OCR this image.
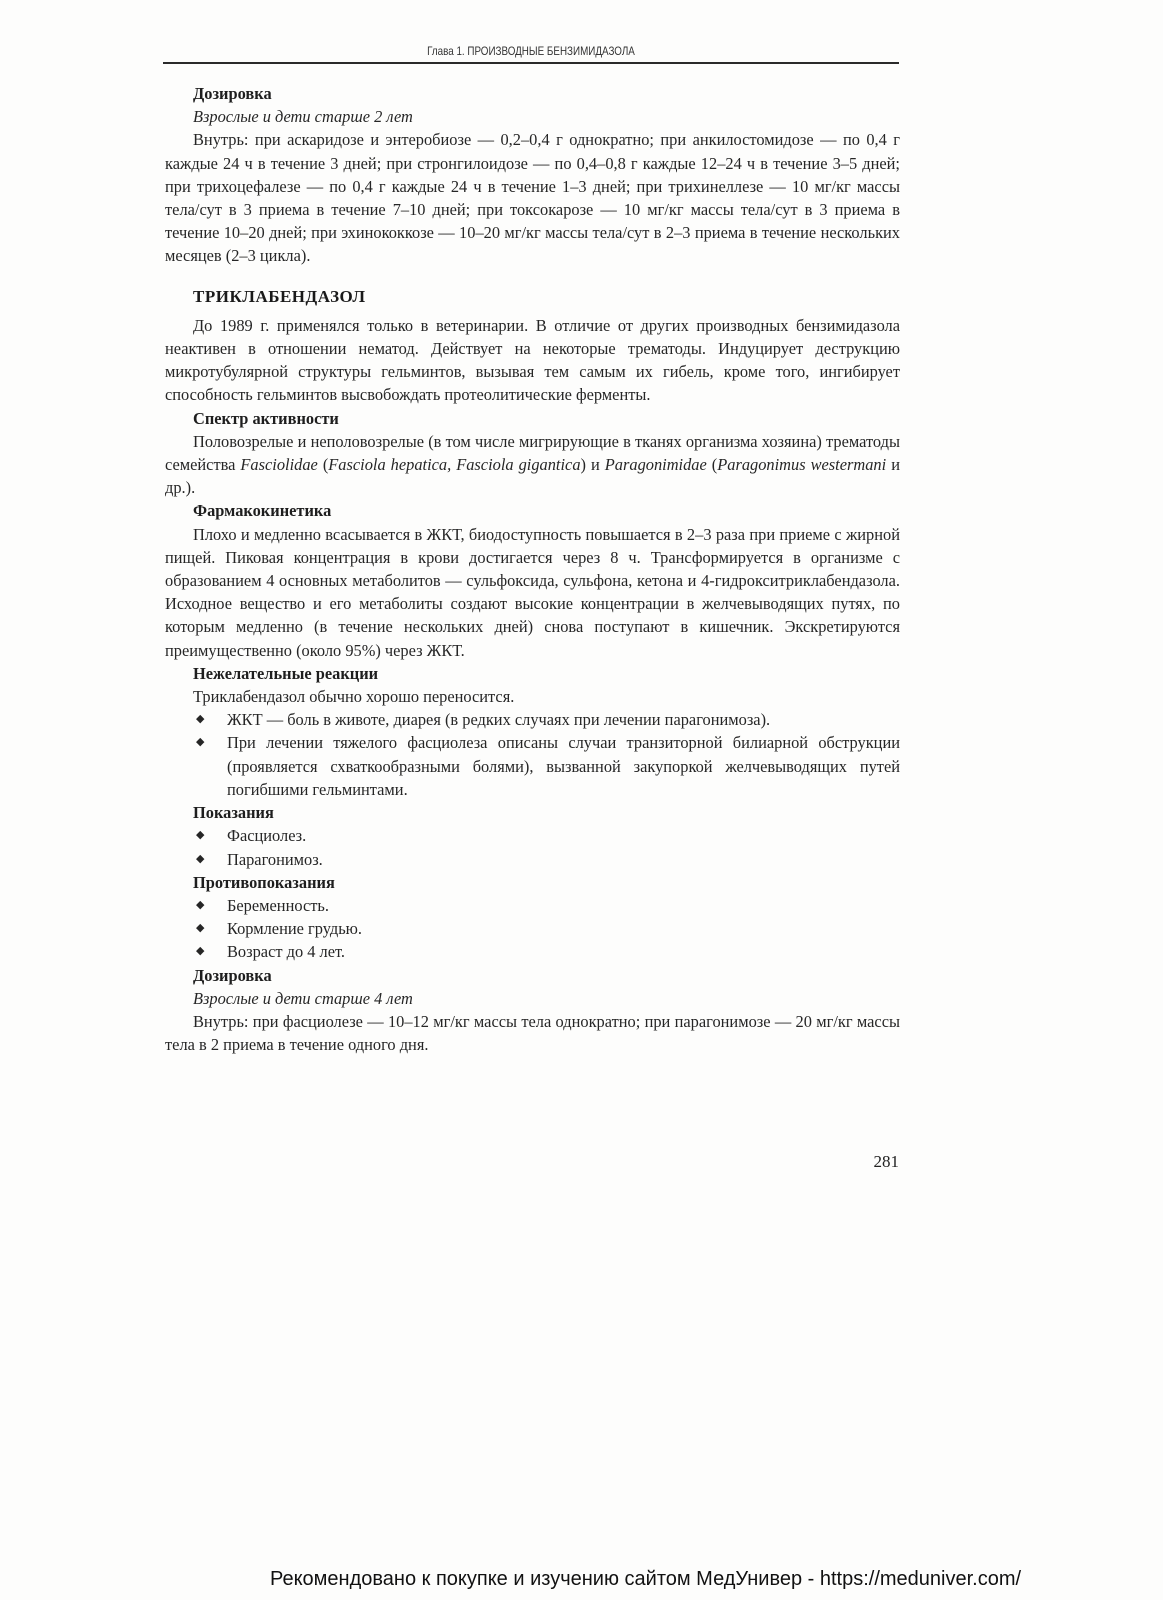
Глава 1. ПРОИЗВОДНЫЕ БЕНЗИМИДАЗОЛА
Дозировка
Взрослые и дети старше 2 лет

Внутрь: при аскаридозе и энтеробиозе — 0,2–0,4 г однократно; при анкилостомидозе — по 0,4 г каждые 24 ч в течение 3 дней; при стронгилоидозе — по 0,4–0,8 г каждые 12–24 ч в течение 3–5 дней; при трихоцефалезе — по 0,4 г каждые 24 ч в течение 1–3 дней; при трихинеллезе — 10 мг/кг массы тела/сут в 3 приема в течение 7–10 дней; при токсокарозе — 10 мг/кг массы тела/сут в 3 приема в течение 10–20 дней; при эхинококкозе — 10–20 мг/кг массы тела/сут в 2–3 приема в течение нескольких месяцев (2–3 цикла).

ТРИКЛАБЕНДАЗОЛ

До 1989 г. применялся только в ветеринарии. В отличие от других производных бензимидазола неактивен в отношении нематод. Действует на некоторые трематоды. Индуцирует деструкцию микротубулярной структуры гельминтов, вызывая тем самым их гибель, кроме того, ингибирует способность гельминтов высвобождать протеолитические ферменты.

Спектр активности

Половозрелые и неполовозрелые (в том числе мигрирующие в тканях организма хозяина) трематоды семейства Fasciolidae (Fasciola hepatica, Fasciola gigantica) и Paragonimidae (Paragonimus westermani и др.).

Фармакокинетика

Плохо и медленно всасывается в ЖКТ, биодоступность повышается в 2–3 раза при приеме с жирной пищей. Пиковая концентрация в крови достигается через 8 ч. Трансформируется в организме с образованием 4 основных метаболитов — сульфоксида, сульфона, кетона и 4-гидрокситриклабендазола. Исходное вещество и его метаболиты создают высокие концентрации в желчевыводящих путях, по которым медленно (в течение нескольких дней) снова поступают в кишечник. Экскретируются преимущественно (около 95%) через ЖКТ.

Нежелательные реакции

Триклабендазол обычно хорошо переносится.

◆ ЖКТ — боль в животе, диарея (в редких случаях при лечении парагонимоза).
◆ При лечении тяжелого фасциолеза описаны случаи транзиторной билиарной обструкции (проявляется схваткообразными болями), вызванной закупоркой желчевыводящих путей погибшими гельминтами.
Показания
◆ Фасциолез.
◆ Парагонимоз.
Противопоказания
◆ Беременность.
◆ Кормление грудью.
◆ Возраст до 4 лет.
Дозировка
Взрослые и дети старше 4 лет

Внутрь: при фасциолезе — 10–12 мг/кг массы тела однократно; при парагонимозе — 20 мг/кг массы тела в 2 приема в течение одного дня.

281
Рекомендовано к покупке и изучению сайтом МедУнивер - https://meduniver.com/
